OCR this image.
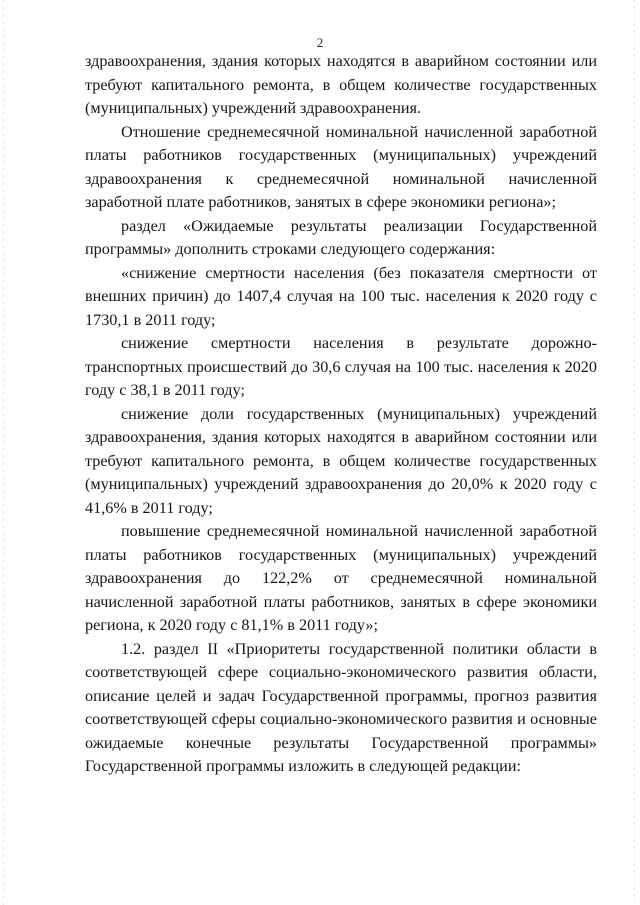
2

здравоохранения, здания которых находятся в аварийном состоянии или требуют капитального ремонта, в общем количестве государственных (муниципальных) учреждений здравоохранения.

Отношение среднемесячной номинальной начисленной заработной платы работников государственных (муниципальных) учреждений здравоохранения к среднемесячной номинальной начисленной заработной плате работников, занятых в сфере экономики региона»;

раздел «Ожидаемые результаты реализации Государственной программы» дополнить строками следующего содержания:

«снижение смертности населения (без показателя смертности от внешних причин) до 1407,4 случая на 100 тыс. населения к 2020 году с 1730,1 в 2011 году;

снижение смертности населения в результате дорожно-транспортных происшествий до 30,6 случая на 100 тыс. населения к 2020 году с 38,1 в 2011 году;

снижение доли государственных (муниципальных) учреждений здравоохранения, здания которых находятся в аварийном состоянии или требуют капитального ремонта, в общем количестве государственных (муниципальных) учреждений здравоохранения до 20,0% к 2020 году с 41,6% в 2011 году;

повышение среднемесячной номинальной начисленной заработной платы работников государственных (муниципальных) учреждений здравоохранения до 122,2% от среднемесячной номинальной начисленной заработной платы работников, занятых в сфере экономики региона, к 2020 году с 81,1% в 2011 году»;

1.2. раздел II «Приоритеты государственной политики области в соответствующей сфере социально-экономического развития области, описание целей и задач Государственной программы, прогноз развития соответствующей сферы социально-экономического развития и основные ожидаемые конечные результаты Государственной программы» Государственной программы изложить в следующей редакции:
